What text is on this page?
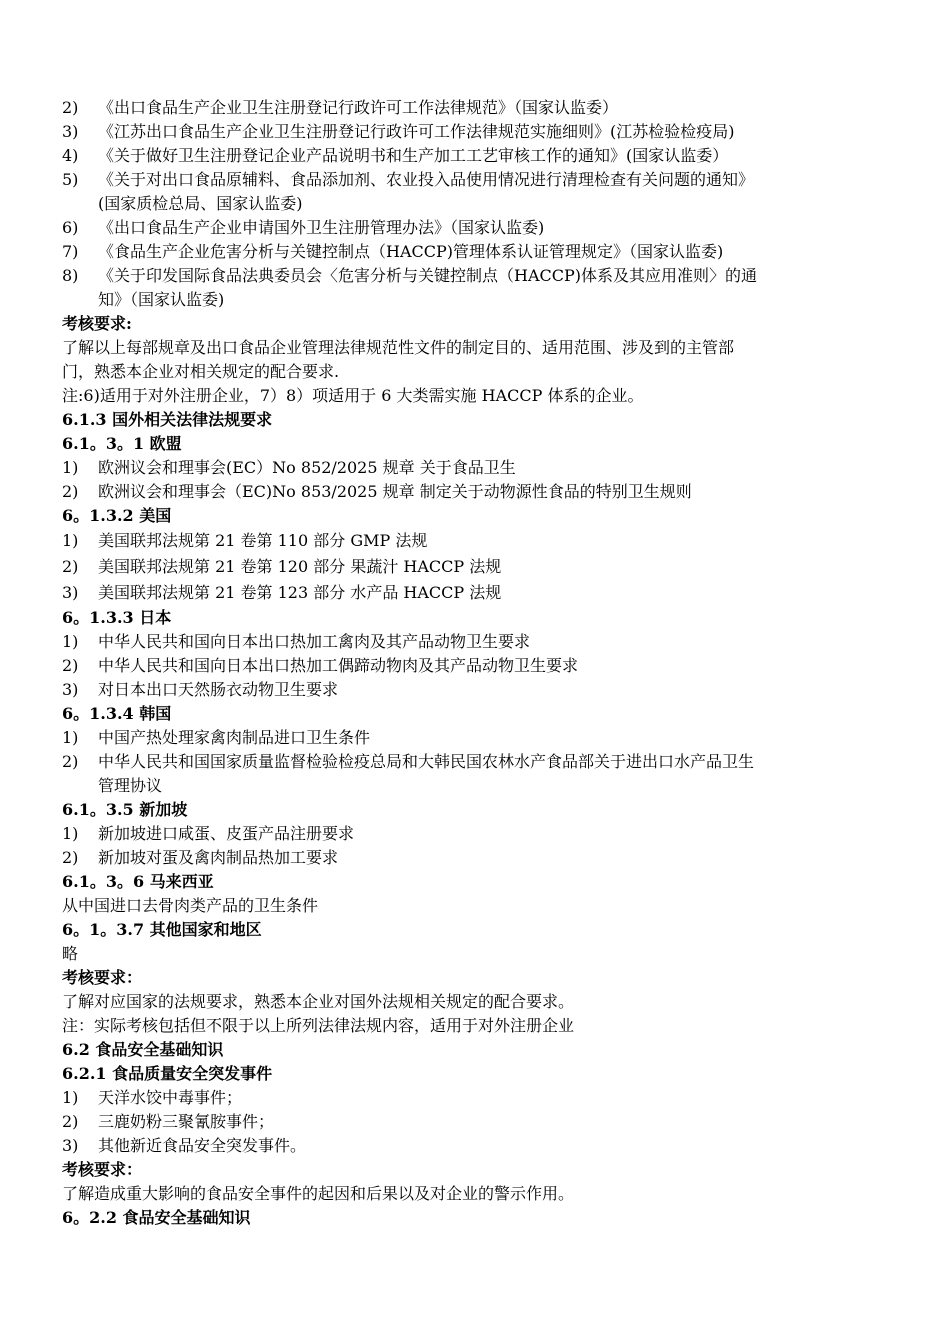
2)	《出口食品生产企业卫生注册登记行政许可工作法律规范》（国家认监委）
3)	《江苏出口食品生产企业卫生注册登记行政许可工作法律规范实施细则》(江苏检验检疫局)
4)	《关于做好卫生注册登记企业产品说明书和生产加工工艺审核工作的通知》(国家认监委）
5)	《关于对出口食品原辅料、食品添加剂、农业投入品使用情况进行清理检查有关问题的通知》
(国家质检总局、国家认监委)
6)	《出口食品生产企业申请国外卫生注册管理办法》（国家认监委)
7)	《食品生产企业危害分析与关键控制点（HACCP)管理体系认证管理规定》（国家认监委)
8)	《关于印发国际食品法典委员会〈危害分析与关键控制点（HACCP)体系及其应用准则〉的通
知》（国家认监委)
考核要求:
了解以上每部规章及出口食品企业管理法律规范性文件的制定目的、适用范围、涉及到的主管部
门，熟悉本企业对相关规定的配合要求.
注:6)适用于对外注册企业，7）8）项适用于 6 大类需实施 HACCP 体系的企业。
6.1.3 国外相关法律法规要求
6.1。3。1 欧盟
1)	欧洲议会和理事会(EC）No 852/2025 规章 关于食品卫生
2)	欧洲议会和理事会（EC)No 853/2025 规章 制定关于动物源性食品的特别卫生规则
6。1.3.2 美国
1)	美国联邦法规第 21 卷第 110 部分 GMP 法规
2)	美国联邦法规第 21 卷第 120 部分 果蔬汁 HACCP 法规
3)	美国联邦法规第 21 卷第 123 部分 水产品 HACCP 法规
6。1.3.3 日本
1)	中华人民共和国向日本出口热加工禽肉及其产品动物卫生要求
2)	中华人民共和国向日本出口热加工偶蹄动物肉及其产品动物卫生要求
3)	对日本出口天然肠衣动物卫生要求
6。1.3.4 韩国
1)	中国产热处理家禽肉制品进口卫生条件
2)	中华人民共和国国家质量监督检验检疫总局和大韩民国农林水产食品部关于进出口水产品卫生
管理协议
6.1。3.5 新加坡
1)	新加坡进口咸蛋、皮蛋产品注册要求
2)	新加坡对蛋及禽肉制品热加工要求
6.1。3。6 马来西亚
从中国进口去骨肉类产品的卫生条件
6。1。3.7 其他国家和地区
略
考核要求：
了解对应国家的法规要求，熟悉本企业对国外法规相关规定的配合要求。
注：实际考核包括但不限于以上所列法律法规内容，适用于对外注册企业
6.2 食品安全基础知识
6.2.1 食品质量安全突发事件
1)	天洋水饺中毒事件；
2)	三鹿奶粉三聚氰胺事件；
3)	其他新近食品安全突发事件。
考核要求：
了解造成重大影响的食品安全事件的起因和后果以及对企业的警示作用。
6。2.2 食品安全基础知识
